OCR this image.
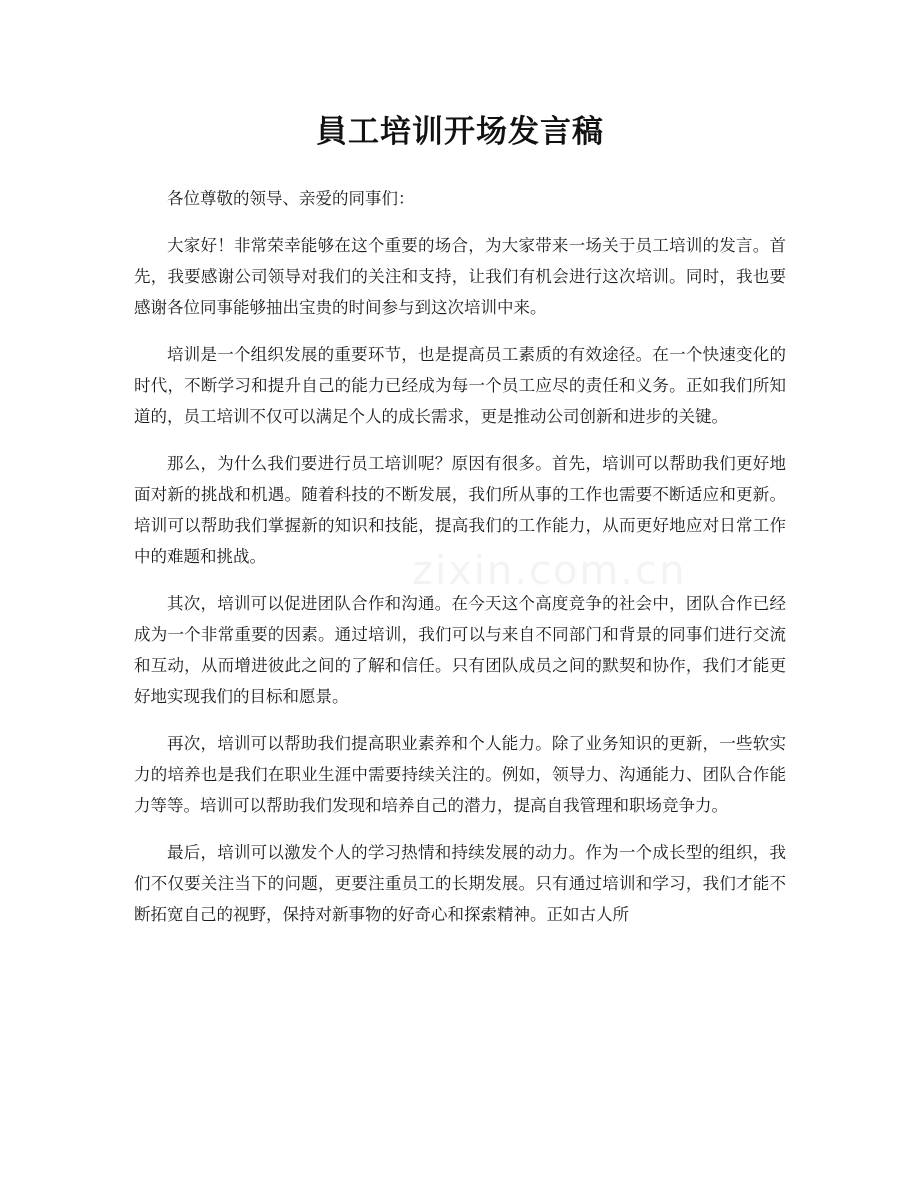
員工培训开场发言稿

各位尊敬的领导、亲爱的同事们：

大家好！非常荣幸能够在这个重要的场合，为大家带来一场关于员工培训的发言。首先，我要感谢公司领导对我们的关注和支持，让我们有机会进行这次培训。同时，我也要感谢各位同事能够抽出宝贵的时间参与到这次培训中来。

培训是一个组织发展的重要环节，也是提高员工素质的有效途径。在一个快速变化的时代，不断学习和提升自己的能力已经成为每一个员工应尽的责任和义务。正如我们所知道的，员工培训不仅可以满足个人的成长需求，更是推动公司创新和进步的关键。

那么，为什么我们要进行员工培训呢？原因有很多。首先，培训可以帮助我们更好地面对新的挑战和机遇。随着科技的不断发展，我们所从事的工作也需要不断适应和更新。培训可以帮助我们掌握新的知识和技能，提高我们的工作能力，从而更好地应对日常工作中的难题和挑战。

其次，培训可以促进团队合作和沟通。在今天这个高度竞争的社会中，团队合作已经成为一个非常重要的因素。通过培训，我们可以与来自不同部门和背景的同事们进行交流和互动，从而增进彼此之间的了解和信任。只有团队成员之间的默契和协作，我们才能更好地实现我们的目标和愿景。

再次，培训可以帮助我们提高职业素养和个人能力。除了业务知识的更新，一些软实力的培养也是我们在职业生涯中需要持续关注的。例如，领导力、沟通能力、团队合作能力等等。培训可以帮助我们发现和培养自己的潜力，提高自我管理和职场竞争力。

最后，培训可以激发个人的学习热情和持续发展的动力。作为一个成长型的组织，我们不仅要关注当下的问题，更要注重员工的长期发展。只有通过培训和学习，我们才能不断拓宽自己的视野，保持对新事物的好奇心和探索精神。正如古人所

zixin.com.cn
